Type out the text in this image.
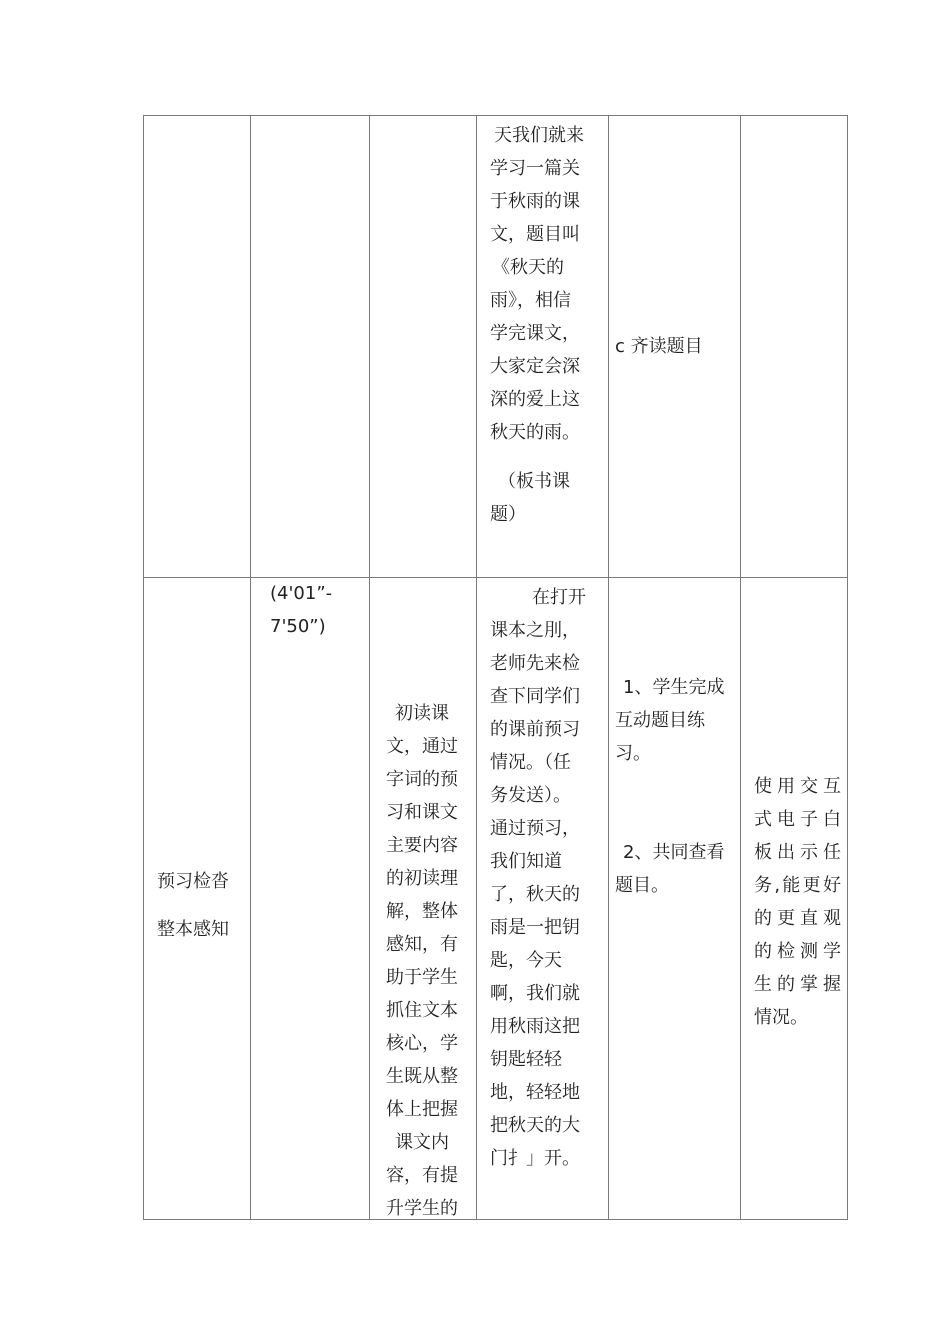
天我们就来

学习一篇关

于秋雨的课

文，题目叫

《秋天的

雨》，相信

学完课文，

大家定会深

深的爱上这

秋天的雨。

（板书课

题）

c 齐读题目

预习检沓

整本感知

(4'01”-

7'50”)

初读课

文，通过

字词的预

习和课文

主要内容

的初读理

解，整体

感知，有

助于学生

抓住文本

核心，学

生既从整

体上把握

课文内

容，有提

升学生的

在打开

课本之刖，

老师先来检

查下同学们

的课前预习

情况。（任

务发送）。

通过预习，

我们知道

了，秋天的

雨是一把钥

匙，今天

啊，我们就

用秋雨这把

钥匙轻轻

地，轻轻地

把秋天的大

门扌」开。

1、学生完成

互动题目练

习。

2、共同查看

题目。

使用交互

式电子白

板出示任

务,能更好

的更直观

的检测学

生的掌握

情况。
